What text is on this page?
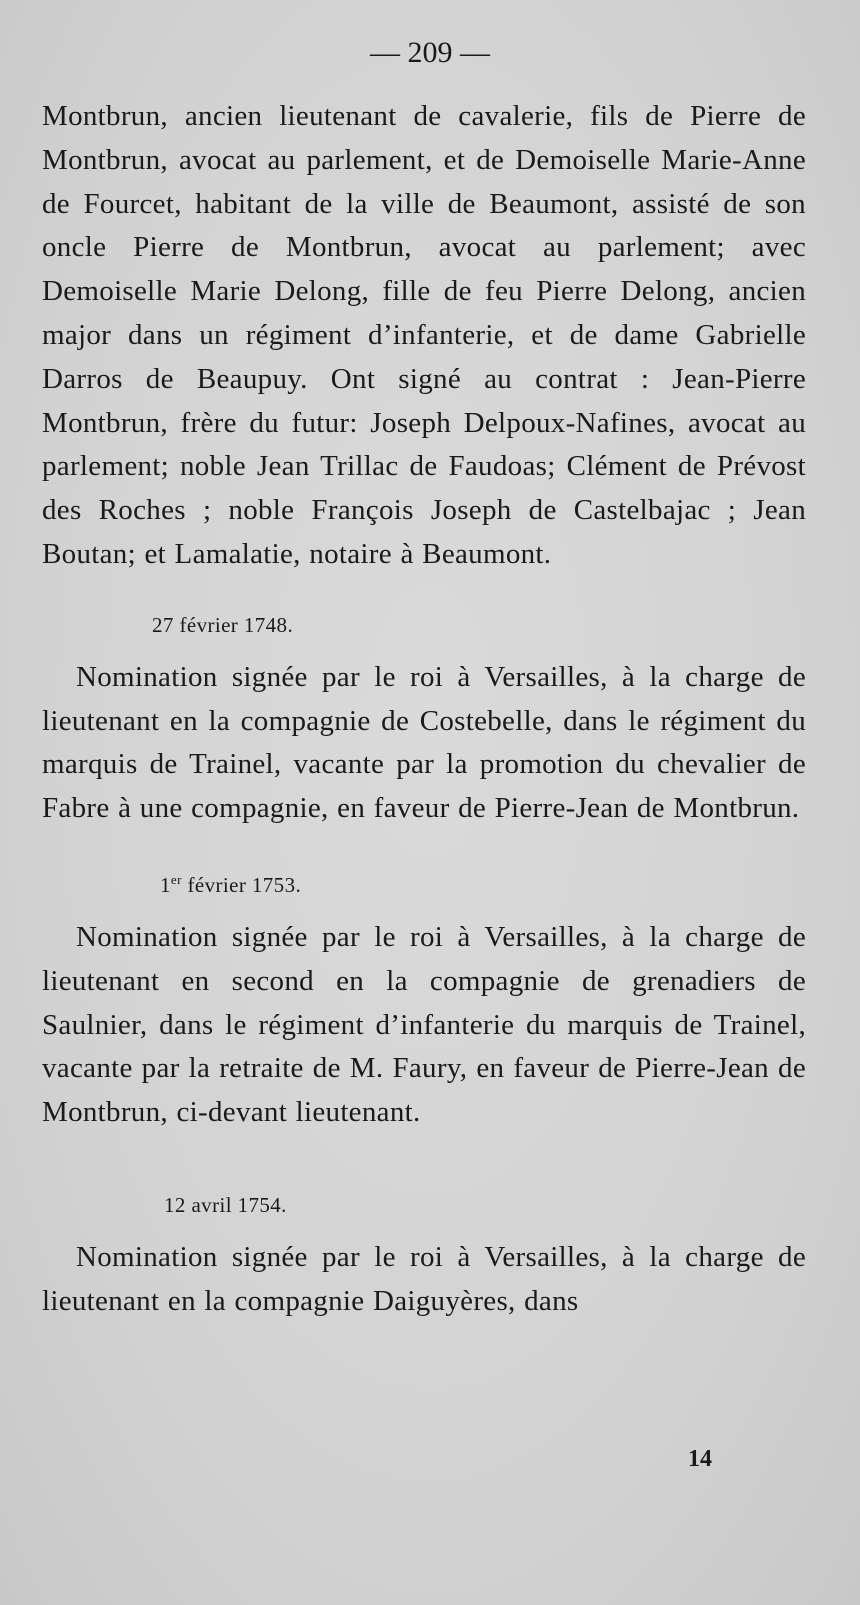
— 209 —

Montbrun, ancien lieutenant de cavalerie, fils de Pierre de Montbrun, avocat au parlement, et de Demoiselle Marie-Anne de Fourcet, habitant de la ville de Beaumont, assisté de son oncle Pierre de Montbrun, avocat au parlement; avec Demoiselle Marie Delong, fille de feu Pierre Delong, ancien major dans un régiment d’infanterie, et de dame Gabrielle Darros de Beaupuy. Ont signé au contrat : Jean-Pierre Montbrun, frère du futur: Joseph Delpoux-Nafines, avocat au parlement; noble Jean Trillac de Faudoas; Clément de Prévost des Roches ; noble François Joseph de Castelbajac ; Jean Boutan; et Lamalatie, notaire à Beaumont.

27 février 1748.

Nomination signée par le roi à Versailles, à la charge de lieutenant en la compagnie de Costebelle, dans le régiment du marquis de Trainel, vacante par la promotion du chevalier de Fabre à une compagnie, en faveur de Pierre-Jean de Montbrun.

1er février 1753.

Nomination signée par le roi à Versailles, à la charge de lieutenant en second en la compagnie de grenadiers de Saulnier, dans le régiment d’infanterie du marquis de Trainel, vacante par la retraite de M. Faury, en faveur de Pierre-Jean de Montbrun, ci-devant lieutenant.

12 avril 1754.

Nomination signée par le roi à Versailles, à la charge de lieutenant en la compagnie Daiguyères, dans

14
